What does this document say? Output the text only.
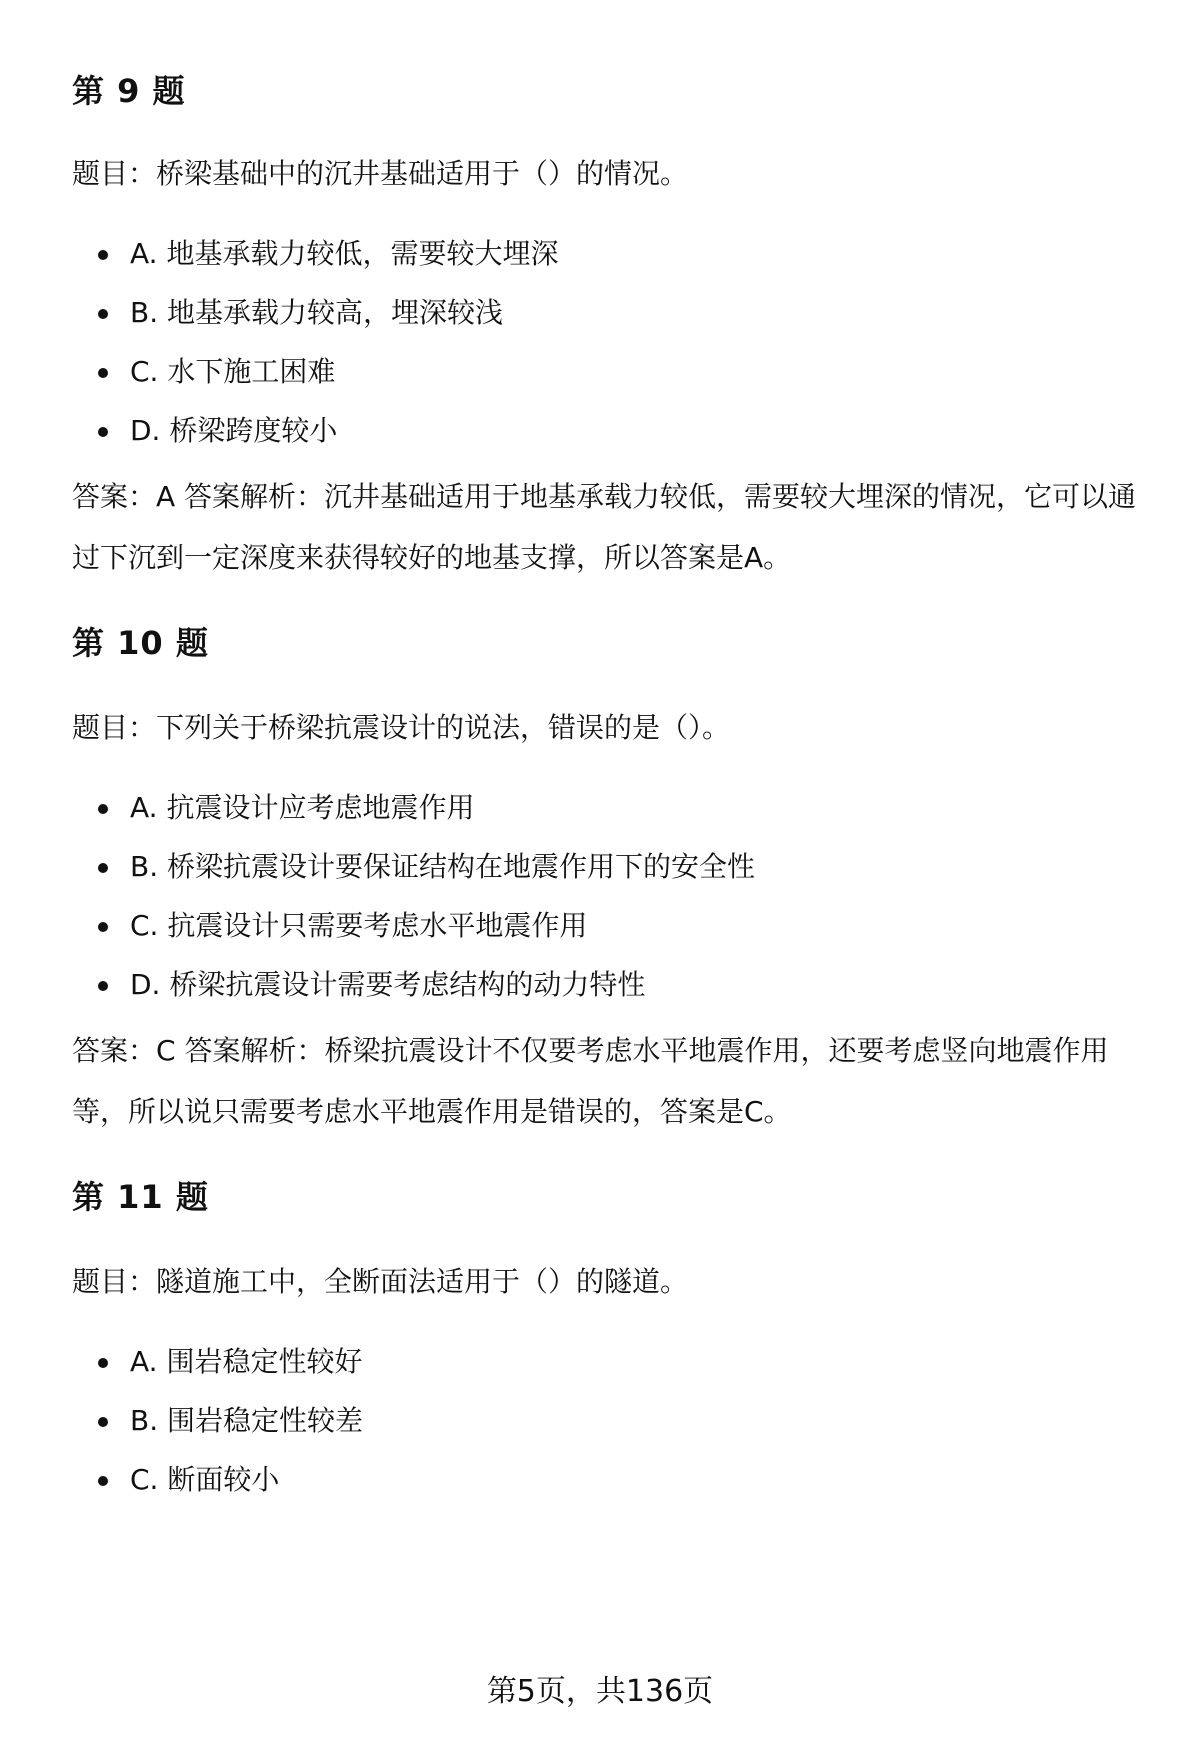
第 9 题

题目：桥梁基础中的沉井基础适用于（）的情况。

A. 地基承载力较低，需要较大埋深
B. 地基承载力较高，埋深较浅
C. 水下施工困难
D. 桥梁跨度较小

答案：A 答案解析：沉井基础适用于地基承载力较低，需要较大埋深的情况，它可以通过下沉到一定深度来获得较好的地基支撑，所以答案是A。

第 10 题

题目：下列关于桥梁抗震设计的说法，错误的是（）。

A. 抗震设计应考虑地震作用
B. 桥梁抗震设计要保证结构在地震作用下的安全性
C. 抗震设计只需要考虑水平地震作用
D. 桥梁抗震设计需要考虑结构的动力特性

答案：C 答案解析：桥梁抗震设计不仅要考虑水平地震作用，还要考虑竖向地震作用等，所以说只需要考虑水平地震作用是错误的，答案是C。

第 11 题

题目：隧道施工中，全断面法适用于（）的隧道。

A. 围岩稳定性较好
B. 围岩稳定性较差
C. 断面较小

第5页，共136页
